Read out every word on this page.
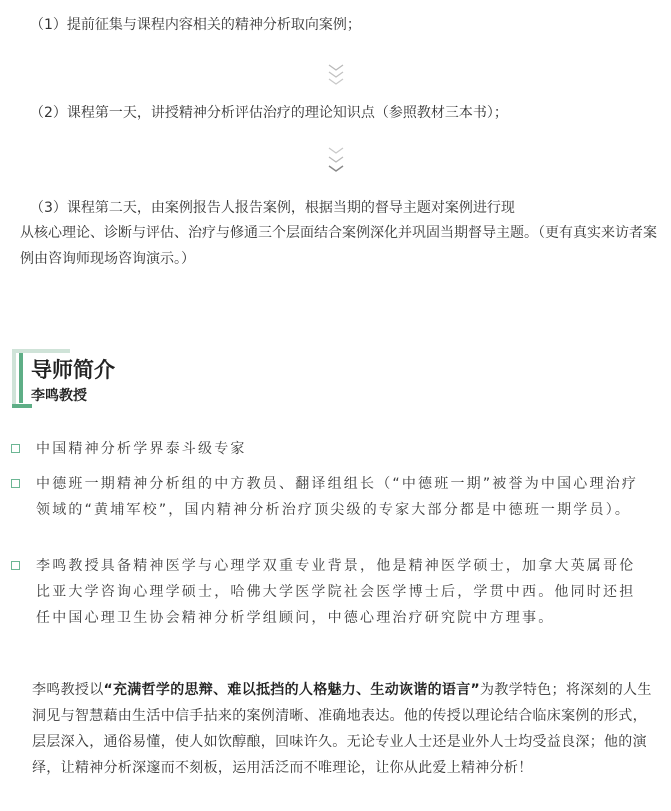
（1）提前征集与课程内容相关的精神分析取向案例；
（2）课程第一天，讲授精神分析评估治疗的理论知识点（参照教材三本书）；
（3）课程第二天，由案例报告人报告案例，根据当期的督导主题对案例进行现
从核心理论、诊断与评估、治疗与修通三个层面结合案例深化并巩固当期督导主题。（更有真实来访者案例由咨询师现场咨询演示。）
导师简介
李鸣教授
中国精神分析学界泰斗级专家
中德班一期精神分析组的中方教员、翻译组组长（“中德班一期”被誉为中国心理治疗领域的“黄埔军校”，国内精神分析治疗顶尖级的专家大部分都是中德班一期学员）。
李鸣教授具备精神医学与心理学双重专业背景，他是精神医学硕士，加拿大英属哥伦比亚大学咨询心理学硕士，哈佛大学医学院社会医学博士后，学贯中西。他同时还担任中国心理卫生协会精神分析学组顾问，中德心理治疗研究院中方理事。
李鸣教授以“充满哲学的思辩、难以抵挡的人格魅力、生动诙谐的语言”为教学特色；将深刻的人生洞见与智慧藉由生活中信手拈来的案例清晰、准确地表达。他的传授以理论结合临床案例的形式，层层深入，通俗易懂，使人如饮醇酿，回味许久。无论专业人士还是业外人士均受益良深；他的演绎，让精神分析深邃而不刻板，运用活泛而不唯理论，让你从此爱上精神分析！
